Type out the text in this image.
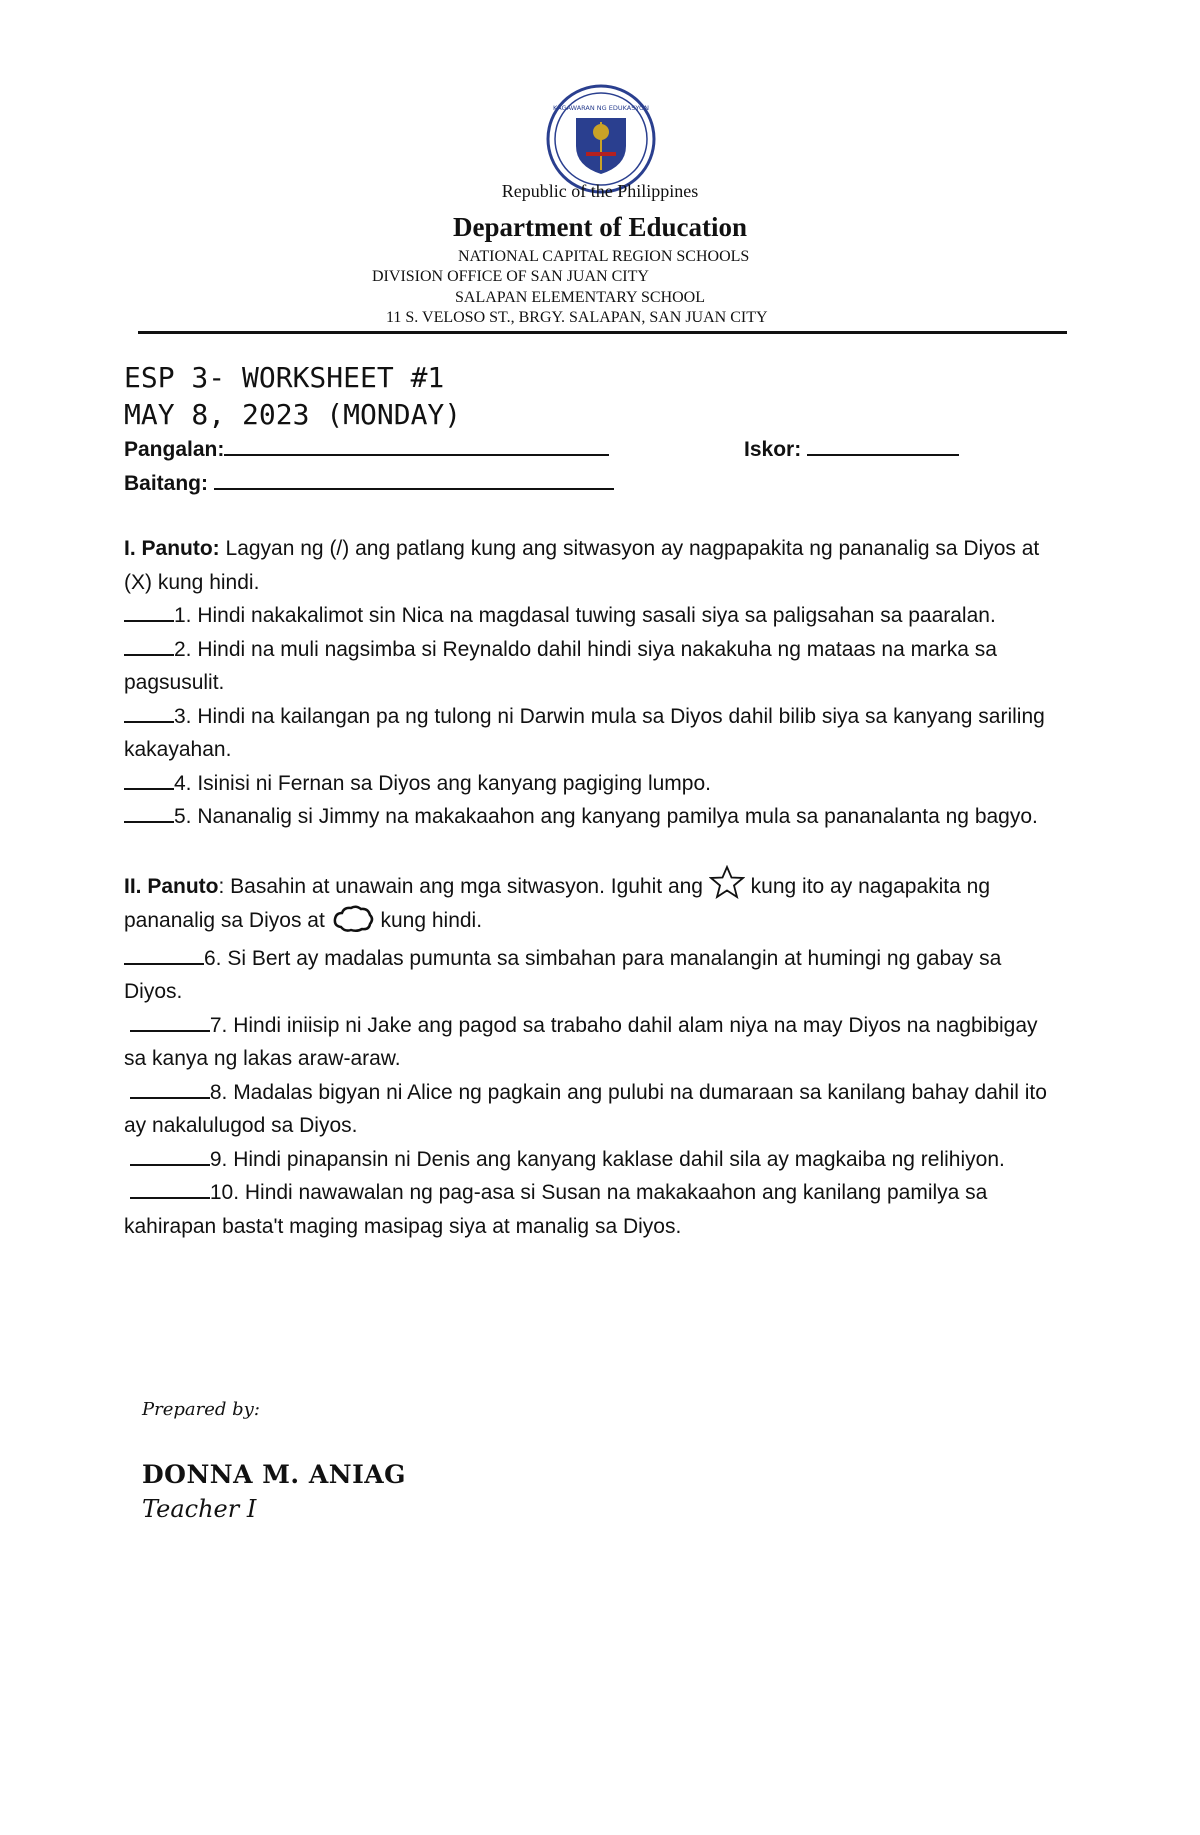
KAGAWARAN NG EDUKASYON
Republic of the Philippines
Department of Education
NATIONAL CAPITAL REGION SCHOOLS
DIVISION OFFICE OF SAN JUAN CITY
SALAPAN ELEMENTARY SCHOOL
11 S. VELOSO ST., BRGY. SALAPAN, SAN JUAN CITY
ESP 3- WORKSHEET #1
MAY 8, 2023 (MONDAY)
Pangalan:	Iskor:
Baitang:

I. Panuto: Lagyan ng (/) ang patlang kung ang sitwasyon ay nagpapakita ng pananalig sa Diyos at (X) kung hindi.

1. Hindi nakakalimot sin Nica na magdasal tuwing sasali siya sa paligsahan sa paaralan.

2. Hindi na muli nagsimba si Reynaldo dahil hindi siya nakakuha ng mataas na marka sa pagsusulit.

3. Hindi na kailangan pa ng tulong ni Darwin mula sa Diyos dahil bilib siya sa kanyang sariling kakayahan.

4. Isinisi ni Fernan sa Diyos ang kanyang pagiging lumpo.

5. Nananalig si Jimmy na makakaahon ang kanyang pamilya mula sa pananalanta ng bagyo.

II. Panuto: Basahin at unawain ang mga sitwasyon. Iguhit ang kung ito ay nagapakita ng pananalig sa Diyos at	kung hindi.

6. Si Bert ay madalas pumunta sa simbahan para manalangin at humingi ng gabay sa Diyos.

7. Hindi iniisip ni Jake ang pagod sa trabaho dahil alam niya na may Diyos na nagbibigay sa kanya ng lakas araw-araw.

8. Madalas bigyan ni Alice ng pagkain ang pulubi na dumaraan sa kanilang bahay dahil ito ay nakalulugod sa Diyos.

9. Hindi pinapansin ni Denis ang kanyang kaklase dahil sila ay magkaiba ng relihiyon.

10. Hindi nawawalan ng pag-asa si Susan na makakaahon ang kanilang pamilya sa kahirapan basta't maging masipag siya at manalig sa Diyos.

Prepared by:
DONNA M. ANIAG
Teacher I
